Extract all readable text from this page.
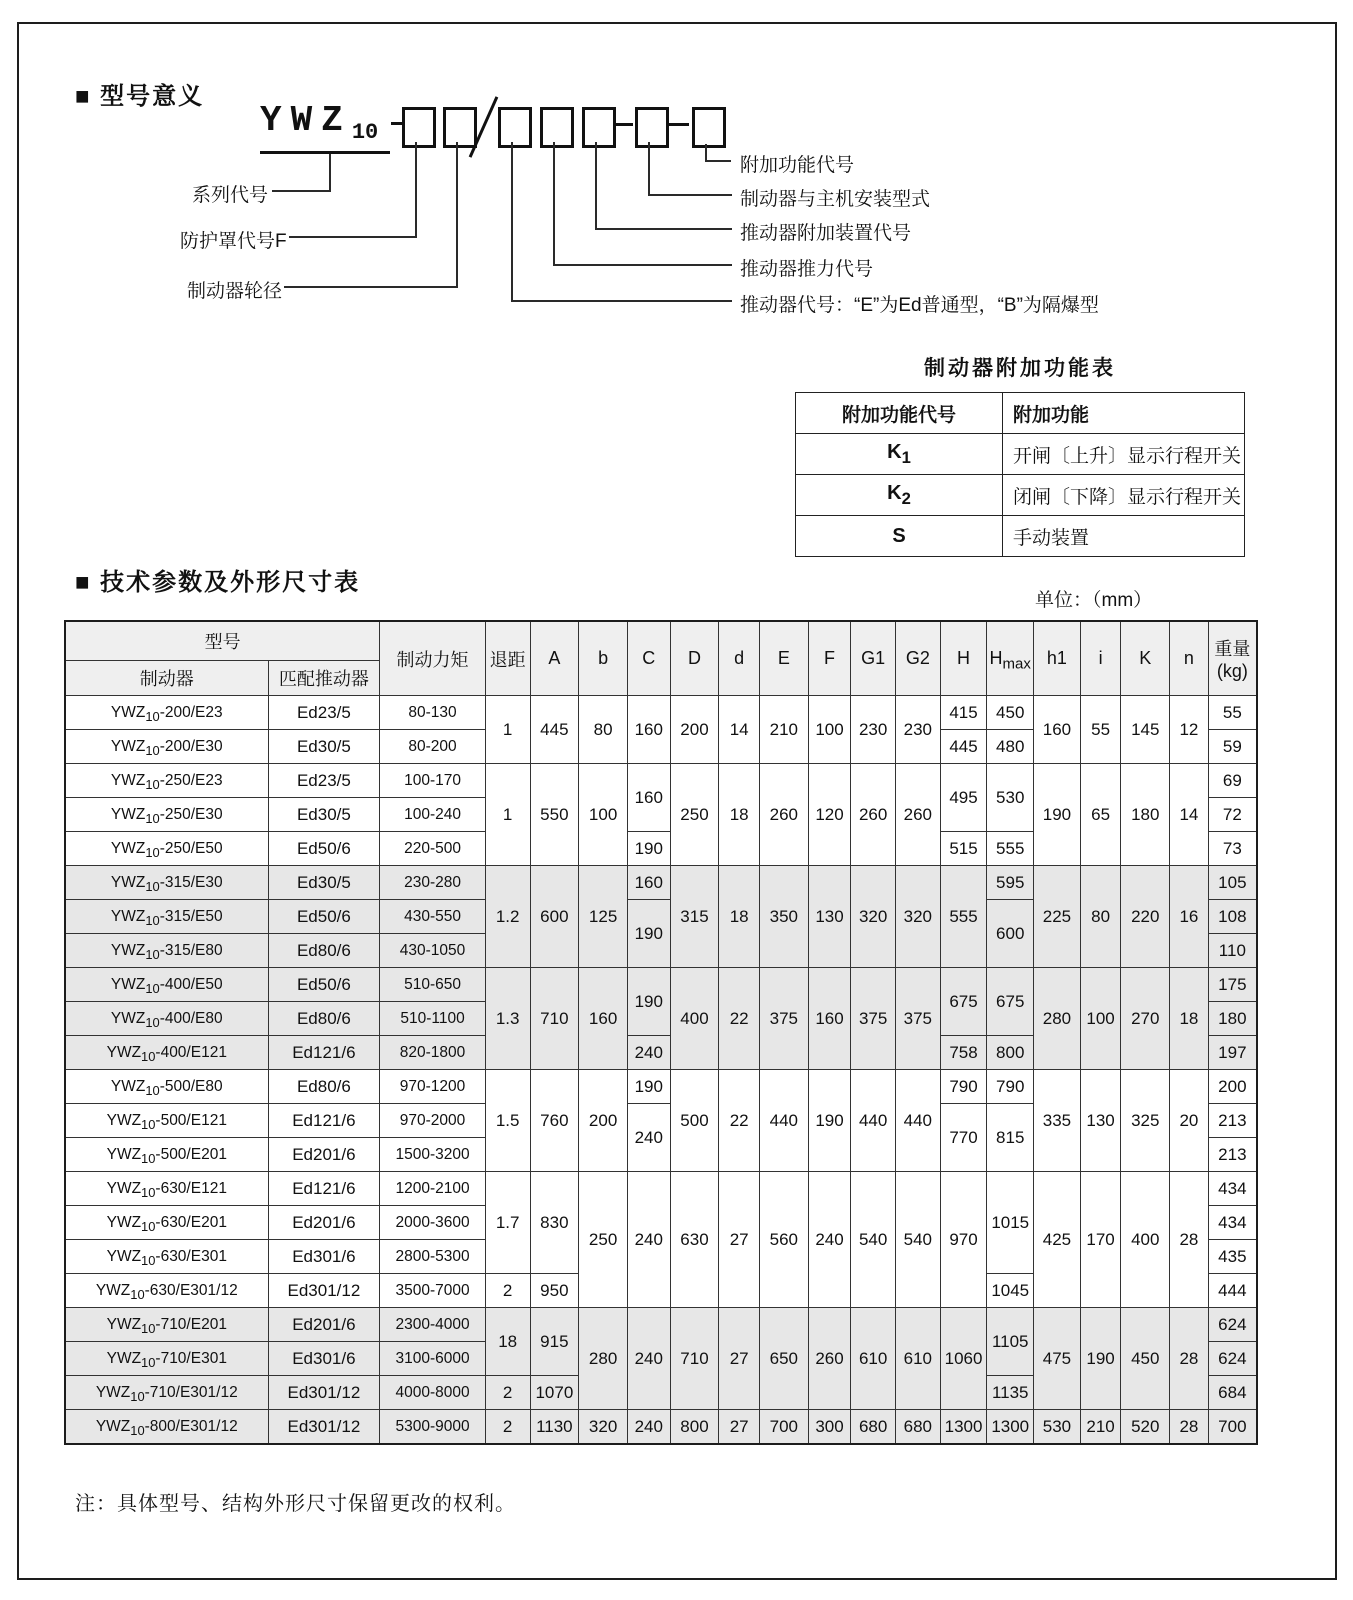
■ 型号意义
$YWZ_{10}$
系列代号
防护罩代号F
制动器轮径
附加功能代号
制动器与主机安装型式
推动器附加装置代号
推动器推力代号
推动器代号：“E”为Ed普通型，“B”为隔爆型
制动器附加功能表
附加功能代号	附加功能
$K_1$	开闸〔上升〕显示行程开关
$K_2$	闭闸〔下降〕显示行程开关
S	手动装置
■ 技术参数及外形尺寸表
单位：（mm）
型号		制动力矩	退距	A	b	C	D	d	E	F	G1	G2	H	$H_{max}$	h1	i	K	n	重量
(kg)
制动器	匹配推动器																		
$YWZ_{10}-200/E23$	Ed23/5	80-130	1	445	80	160	200	14	210	100	230	230	415	450	160	55	145	12	55
$YWZ_{10}-200/E30$	Ed30/5	80-200											445	480					59
$YWZ_{10}-250/E23$	Ed23/5	100-170	1	550	100	160	250	18	260	120	260	260	495	530	190	65	180	14	69
$YWZ_{10}-250/E30$	Ed30/5	100-240																	72
$YWZ_{10}-250/E50$	Ed50/6	220-500				190							515	555					73
$YWZ_{10}-315/E30$	Ed30/5	230-280	1.2	600	125	160	315	18	350	130	320	320	555	595	225	80	220	16	105
$YWZ_{10}-315/E50$	Ed50/6	430-550				190								600					108
$YWZ_{10}-315/E80$	Ed80/6	430-1050																	110
$YWZ_{10}-400/E50$	Ed50/6	510-650	1.3	710	160	190	400	22	375	160	375	375	675	675	280	100	270	18	175
$YWZ_{10}-400/E80$	Ed80/6	510-1100																	180
$YWZ_{10}-400/E121$	Ed121/6	820-1800				240							758	800					197
$YWZ_{10}-500/E80$	Ed80/6	970-1200	1.5	760	200	190	500	22	440	190	440	440	790	790	335	130	325	20	200
$YWZ_{10}-500/E121$	Ed121/6	970-2000				240							770	815					213
$YWZ_{10}-500/E201$	Ed201/6	1500-3200																	213
$YWZ_{10}-630/E121$	Ed121/6	1200-2100	1.7	830	250	240	630	27	560	240	540	540	970	1015	425	170	400	28	434
$YWZ_{10}-630/E201$	Ed201/6	2000-3600																	434
$YWZ_{10}-630/E301$	Ed301/6	2800-5300																	435
$YWZ_{10}-630/E301/12$	Ed301/12	3500-7000	2	950										1045					444
$YWZ_{10}-710/E201$	Ed201/6	2300-4000	18	915	280	240	710	27	650	260	610	610	1060	1105	475	190	450	28	624
$YWZ_{10}-710/E301$	Ed301/6	3100-6000																	624
$YWZ_{10}-710/E301/12$	Ed301/12	4000-8000	2	1070										1135					684
$YWZ_{10}-800/E301/12$	Ed301/12	5300-9000	2	1130	320	240	800	27	700	300	680	680	1300	1300	530	210	520	28	700
注：具体型号、结构外形尺寸保留更改的权利。
